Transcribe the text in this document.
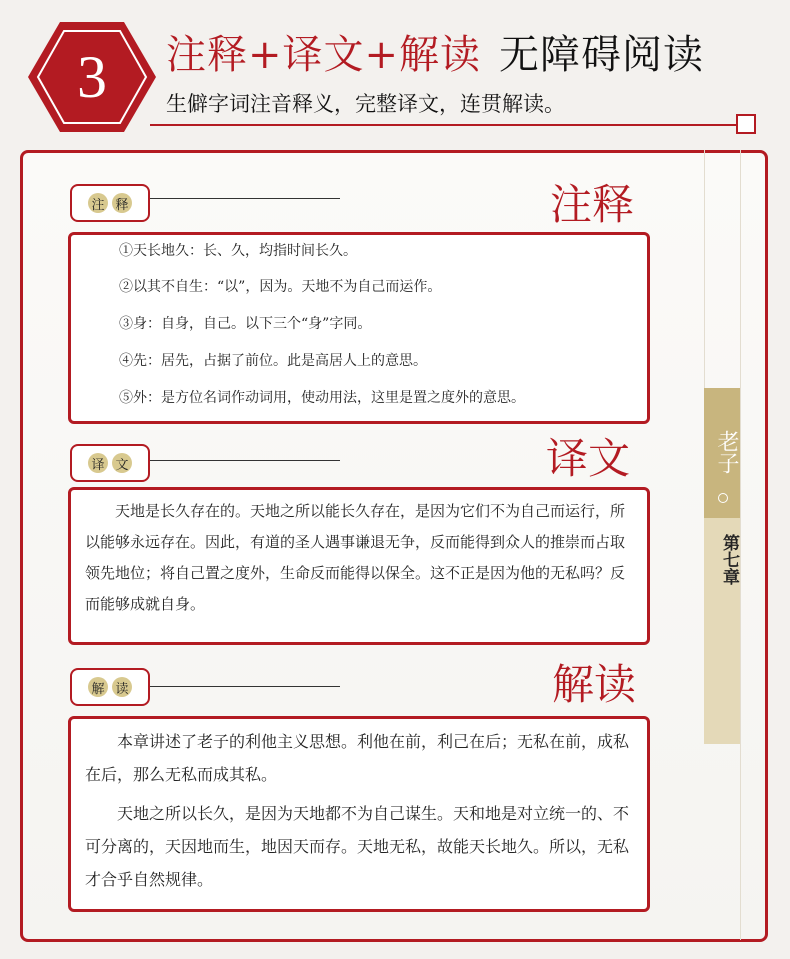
3	注释+译文+解读 无障碍阅读
生僻字词注音释义，完整译文，连贯解读。
老子
第七章
注 释	注释
①天长地久：长、久，均指时间长久。
②以其不自生：“以”，因为。天地不为自己而运作。
③身：自身，自己。以下三个“身”字同。
④先：居先，占据了前位。此是高居人上的意思。
⑤外：是方位名词作动词用，使动用法，这里是置之度外的意思。
译 文	译文
天地是长久存在的。天地之所以能长久存在，是因为它们不为自己而运行，所以能够永远存在。因此，有道的圣人遇事谦退无争，反而能得到众人的推崇而占取领先地位；将自己置之度外，生命反而能得以保全。这不正是因为他的无私吗？反而能够成就自身。
解 读	解读
本章讲述了老子的利他主义思想。利他在前，利己在后；无私在前，成私在后，那么无私而成其私。
天地之所以长久，是因为天地都不为自己谋生。天和地是对立统一的、不可分离的，天因地而生，地因天而存。天地无私，故能天长地久。所以，无私才合乎自然规律。
